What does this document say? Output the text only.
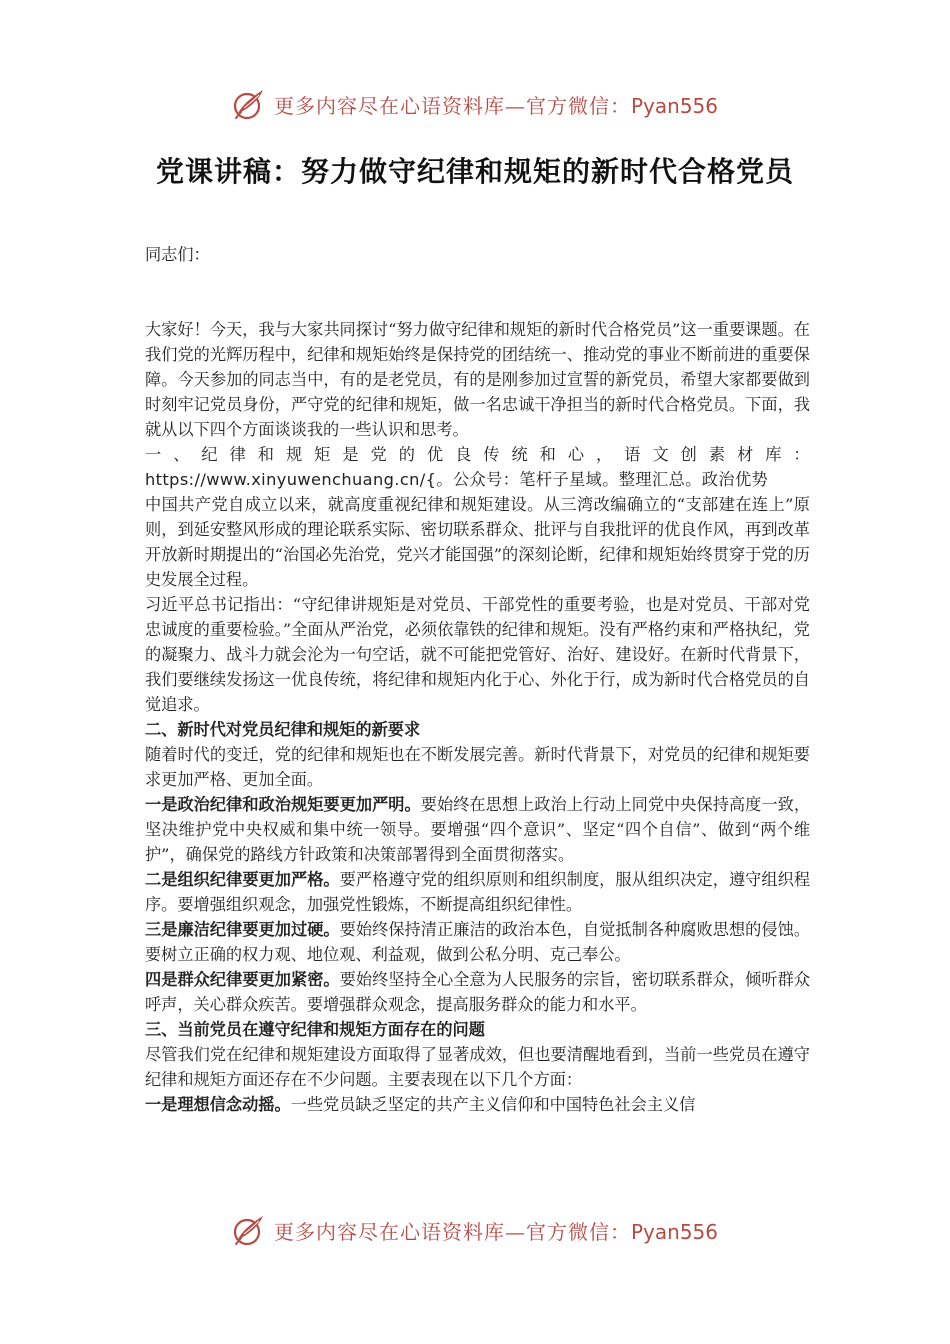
更多内容尽在心语资料库—官方微信：Pyan556
党课讲稿：努力做守纪律和规矩的新时代合格党员

同志们：

大家好！今天，我与大家共同探讨“努力做守纪律和规矩的新时代合格党员”这一重要课题。在我们党的光辉历程中，纪律和规矩始终是保持党的团结统一、推动党的事业不断前进的重要保障。今天参加的同志当中，有的是老党员，有的是刚参加过宣誓的新党员，希望大家都要做到时刻牢记党员身份，严守党的纪律和规矩，做一名忠诚干净担当的新时代合格党员。下面，我就从以下四个方面谈谈我的一些认识和思考。

一、纪律和规矩是党的优良传统和心，语文创素材库：https://www.xinyuwenchuang.cn/{。公众号：笔杆子星域。整理汇总。政治优势

中国共产党自成立以来，就高度重视纪律和规矩建设。从三湾改编确立的“支部建在连上”原则，到延安整风形成的理论联系实际、密切联系群众、批评与自我批评的优良作风，再到改革开放新时期提出的“治国必先治党，党兴才能国强”的深刻论断，纪律和规矩始终贯穿于党的历史发展全过程。

习近平总书记指出：“守纪律讲规矩是对党员、干部党性的重要考验，也是对党员、干部对党忠诚度的重要检验。”全面从严治党，必须依靠铁的纪律和规矩。没有严格约束和严格执纪，党的凝聚力、战斗力就会沦为一句空话，就不可能把党管好、治好、建设好。在新时代背景下，我们要继续发扬这一优良传统，将纪律和规矩内化于心、外化于行，成为新时代合格党员的自觉追求。

二、新时代对党员纪律和规矩的新要求

随着时代的变迁，党的纪律和规矩也在不断发展完善。新时代背景下，对党员的纪律和规矩要求更加严格、更加全面。

一是政治纪律和政治规矩要更加严明。要始终在思想上政治上行动上同党中央保持高度一致，坚决维护党中央权威和集中统一领导。要增强“四个意识”、坚定“四个自信”、做到“两个维护”，确保党的路线方针政策和决策部署得到全面贯彻落实。

二是组织纪律要更加严格。要严格遵守党的组织原则和组织制度，服从组织决定，遵守组织程序。要增强组织观念，加强党性锻炼，不断提高组织纪律性。

三是廉洁纪律要更加过硬。要始终保持清正廉洁的政治本色，自觉抵制各种腐败思想的侵蚀。要树立正确的权力观、地位观、利益观，做到公私分明、克己奉公。

四是群众纪律要更加紧密。要始终坚持全心全意为人民服务的宗旨，密切联系群众，倾听群众呼声，关心群众疾苦。要增强群众观念，提高服务群众的能力和水平。

三、当前党员在遵守纪律和规矩方面存在的问题

尽管我们党在纪律和规矩建设方面取得了显著成效，但也要清醒地看到，当前一些党员在遵守纪律和规矩方面还存在不少问题。主要表现在以下几个方面：

一是理想信念动摇。一些党员缺乏坚定的共产主义信仰和中国特色社会主义信

更多内容尽在心语资料库—官方微信：Pyan556
